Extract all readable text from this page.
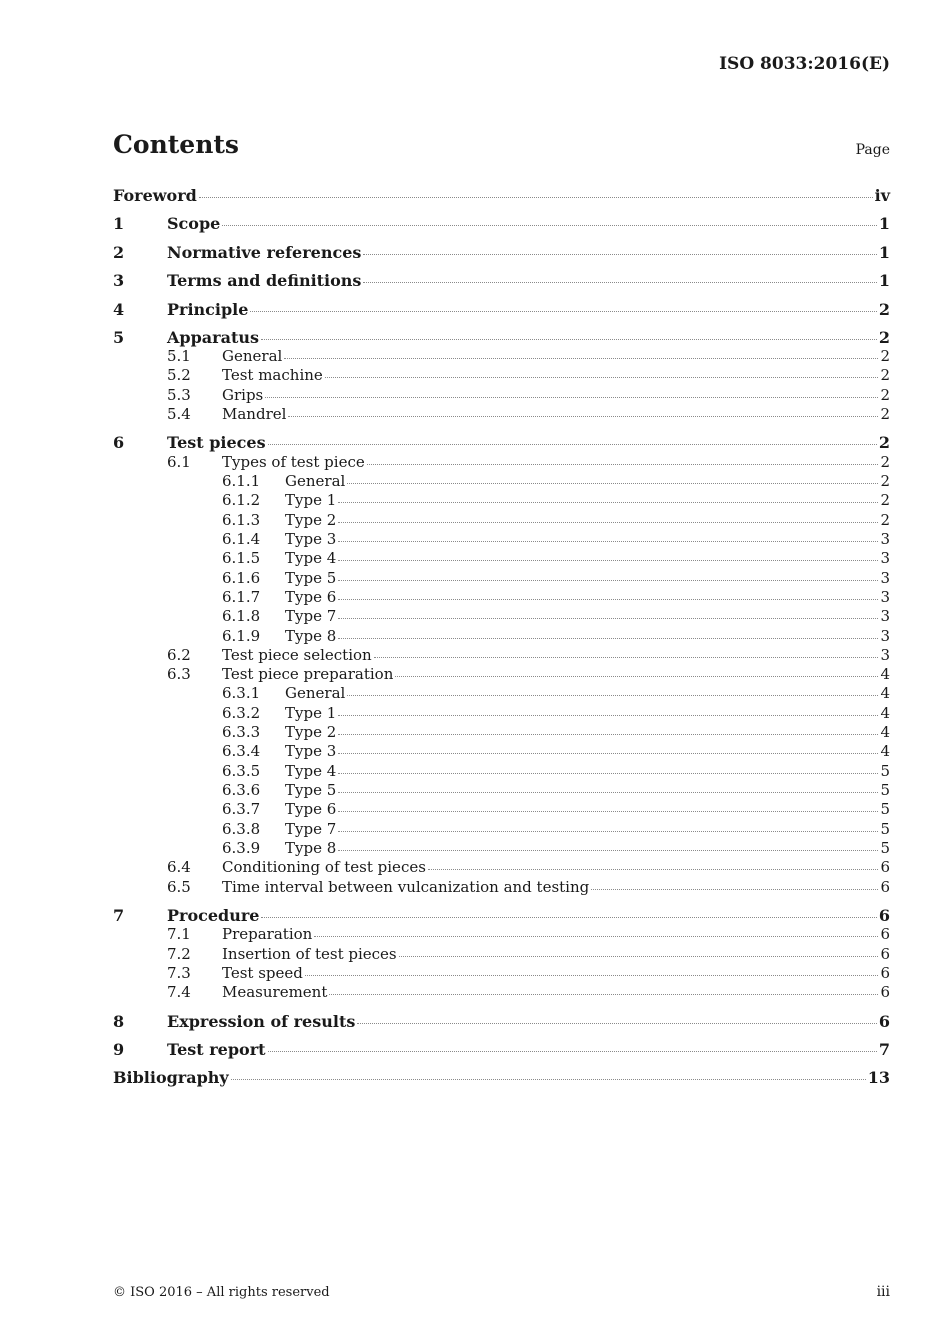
ISO 8033:2016(E)
Contents	Page
Foreword	iv
1	Scope	1
2	Normative references	1
3	Terms and definitions	1
4	Principle	2
5	Apparatus	2
5.1	General	2
5.2	Test machine	2
5.3	Grips	2
5.4	Mandrel	2
6	Test pieces	2
6.1	Types of test piece	2
6.1.1	General	2
6.1.2	Type 1	2
6.1.3	Type 2	2
6.1.4	Type 3	3
6.1.5	Type 4	3
6.1.6	Type 5	3
6.1.7	Type 6	3
6.1.8	Type 7	3
6.1.9	Type 8	3
6.2	Test piece selection	3
6.3	Test piece preparation	4
6.3.1	General	4
6.3.2	Type 1	4
6.3.3	Type 2	4
6.3.4	Type 3	4
6.3.5	Type 4	5
6.3.6	Type 5	5
6.3.7	Type 6	5
6.3.8	Type 7	5
6.3.9	Type 8	5
6.4	Conditioning of test pieces	6
6.5	Time interval between vulcanization and testing	6
7	Procedure	6
7.1	Preparation	6
7.2	Insertion of test pieces	6
7.3	Test speed	6
7.4	Measurement	6
8	Expression of results	6
9	Test report	7
Bibliography	13
© ISO 2016 – All rights reserved	iii
